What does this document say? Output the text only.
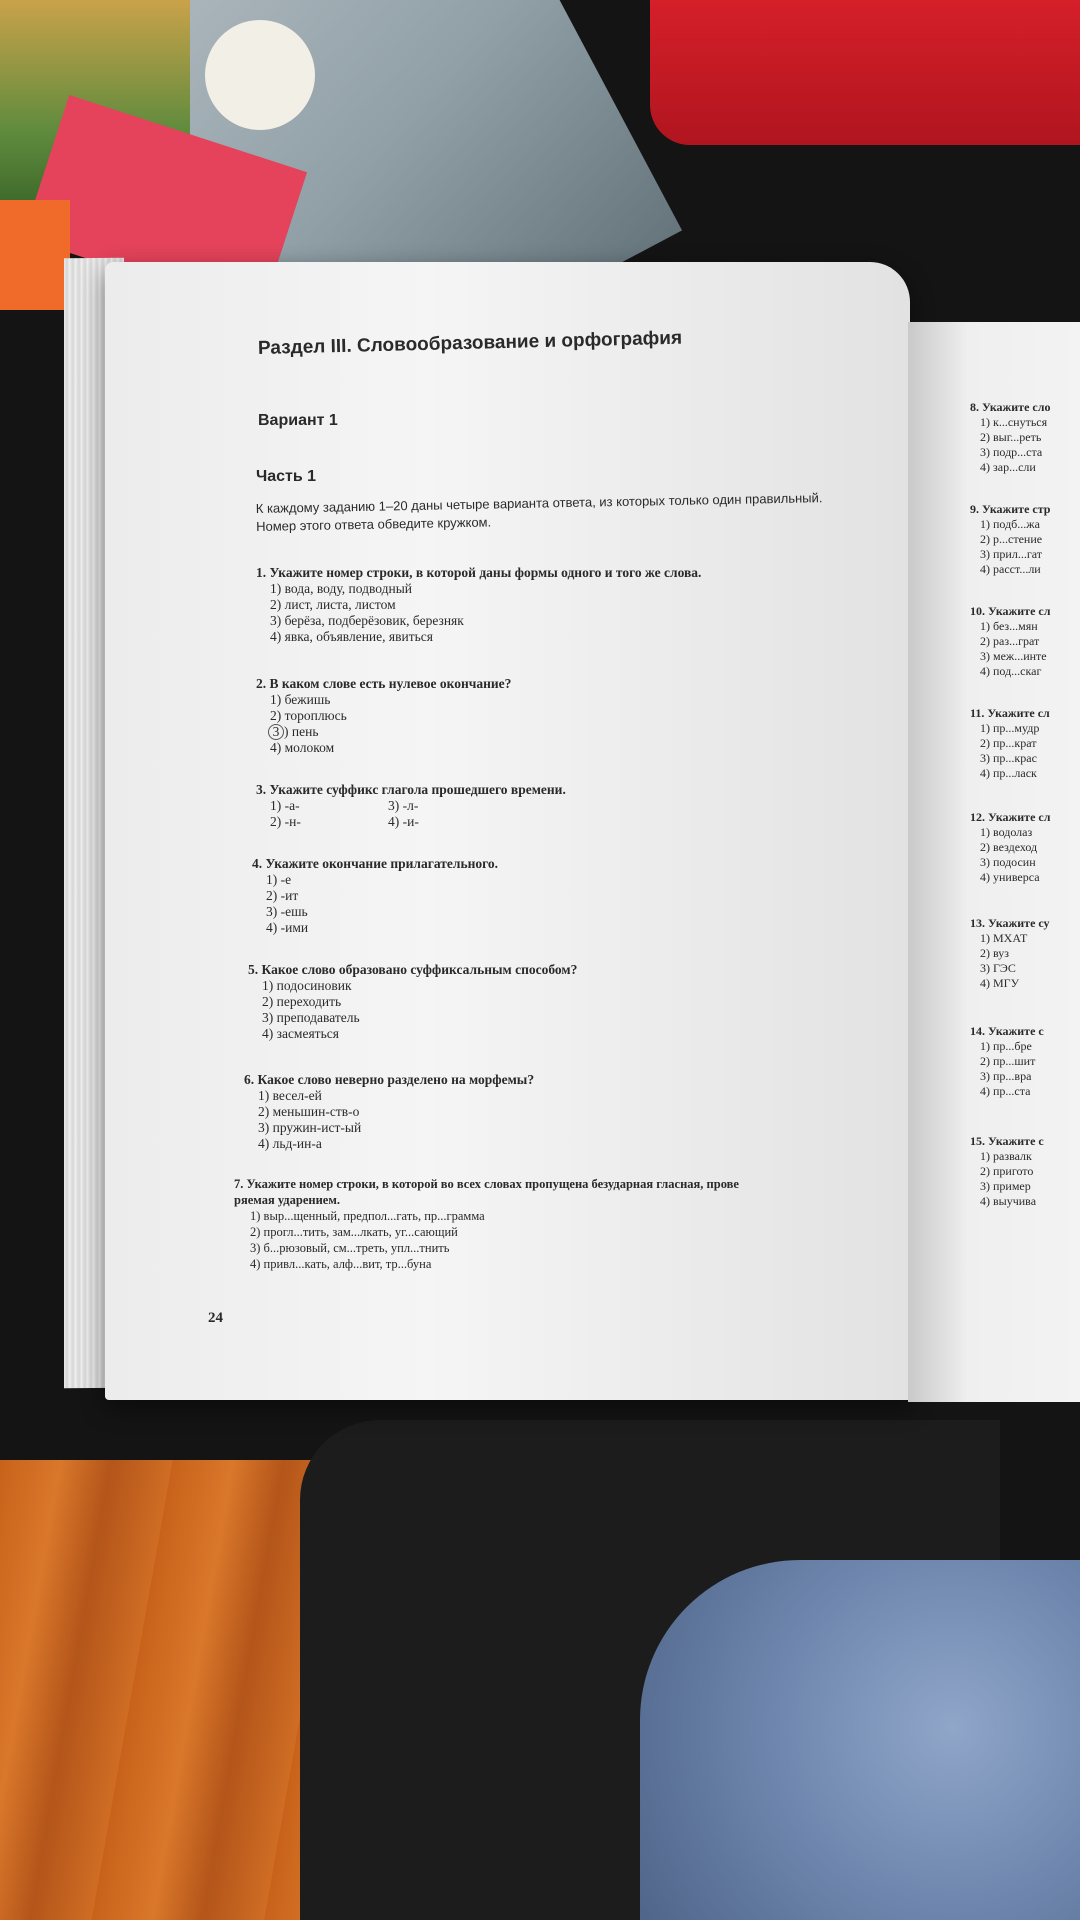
Раздел III. Словообразование и орфография
Вариант 1
Часть 1
К каждому заданию 1–20 даны четыре варианта ответа, из которых только один правильный.
Номер этого ответа обведите кружком.
1. Укажите номер строки, в которой даны формы одного и того же слова.
1) вода, воду, подводный
2) лист, листа, листом
3) берёза, подберёзовик, березняк
4) явка, объявление, явиться
2. В каком слове есть нулевое окончание?
1) бежишь
2) тороплюсь
3 ) пень
4) молоком
3. Укажите суффикс глагола прошедшего времени.
1) -а-	3) -л-
2) -н-	4) -и-
4. Укажите окончание прилагательного.
1) -е
2) -ит
3) -ешь
4) -ими
5. Какое слово образовано суффиксальным способом?
1) подосиновик
2) переходить
3) преподаватель
4) засмеяться
6. Какое слово неверно разделено на морфемы?
1) весел-ей
2) меньшин-ств-о
3) пружин-ист-ый
4) льд-ин-а
7. Укажите номер строки, в которой во всех словах пропущена безударная гласная, прове
ряемая ударением.
1) выр...щенный, предпол...гать, пр...грамма
2) прогл...тить, зам...лкать, уг...сающий
3) б...рюзовый, см...треть, упл...тнить
4) привл...кать, алф...вит, тр...буна
24
8. Укажите сло
1) к...снуться
2) выг...реть
3) подр...ста
4) зар...сли
9. Укажите стр
1) подб...жа
2) р...стение
3) прил...гат
4) расст...ли
10. Укажите сл
1) без...мян
2) раз...грат
3) меж...инте
4) под...скаг
11. Укажите сл
1) пр...мудр
2) пр...крат
3) пр...крас
4) пр...ласк
12. Укажите сл
1) водолаз
2) вездеход
3) подосин
4) универса
13. Укажите су
1) МХАТ
2) вуз
3) ГЭС
4) МГУ
14. Укажите с
1) пр...бре
2) пр...шит
3) пр...вра
4) пр...ста
15. Укажите с
1) развалк
2) пригото
3) пример
4) выучива
